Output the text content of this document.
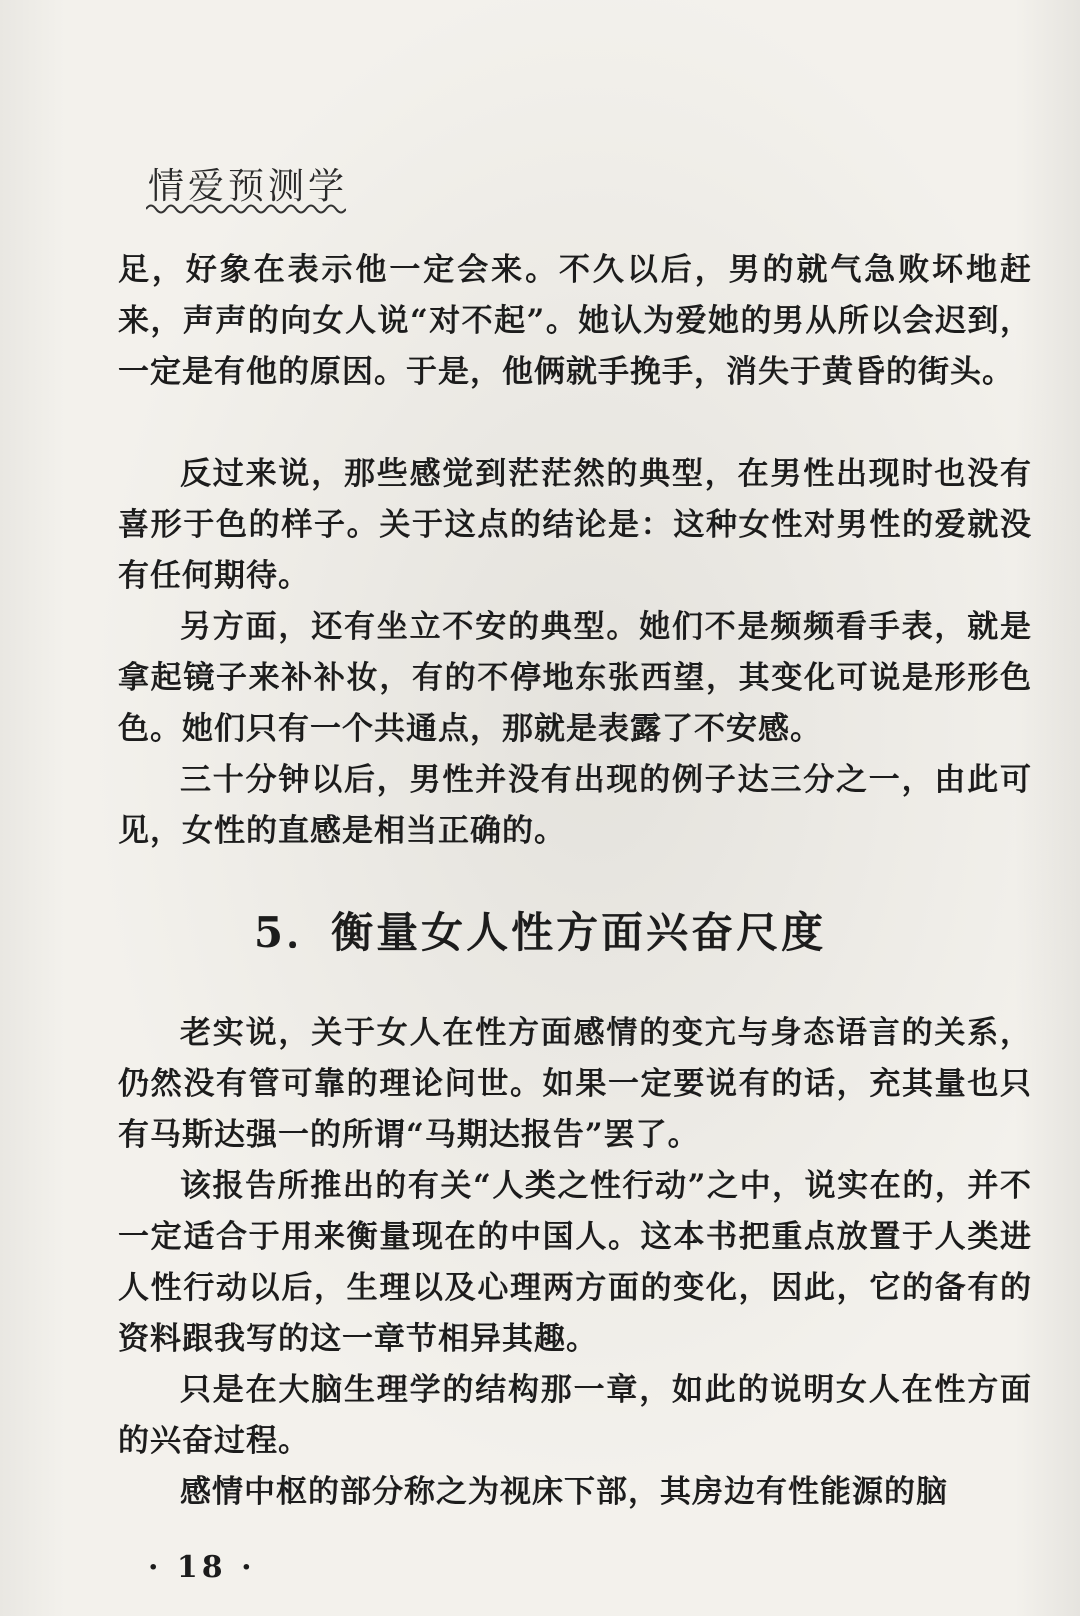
情爱预测学

足，好象在表示他一定会来。不久以后，男的就气急败坏地赶来，声声的向女人说“对不起”。她认为爱她的男从所以会迟到，一定是有他的原因。于是，他俩就手挽手，消失于黄昏的街头。

反过来说，那些感觉到茫茫然的典型，在男性出现时也没有喜形于色的样子。关于这点的结论是：这种女性对男性的爱就没有任何期待。

另方面，还有坐立不安的典型。她们不是频频看手表，就是拿起镜子来补补妆，有的不停地东张西望，其变化可说是形形色色。她们只有一个共通点，那就是表露了不安感。

三十分钟以后，男性并没有出现的例子达三分之一，由此可见，女性的直感是相当正确的。

5．衡量女人性方面兴奋尺度

老实说，关于女人在性方面感情的变亢与身态语言的关系，仍然没有管可靠的理论问世。如果一定要说有的话，充其量也只有马斯达强一的所谓“马期达报告”罢了。

该报告所推出的有关“人类之性行动”之中，说实在的，并不一定适合于用来衡量现在的中国人。这本书把重点放置于人类进人性行动以后，生理以及心理两方面的变化，因此，它的备有的资料跟我写的这一章节相异其趣。

只是在大脑生理学的结构那一章，如此的说明女人在性方面的兴奋过程。

感情中枢的部分称之为视床下部，其房边有性能源的脑

· 18 ·
